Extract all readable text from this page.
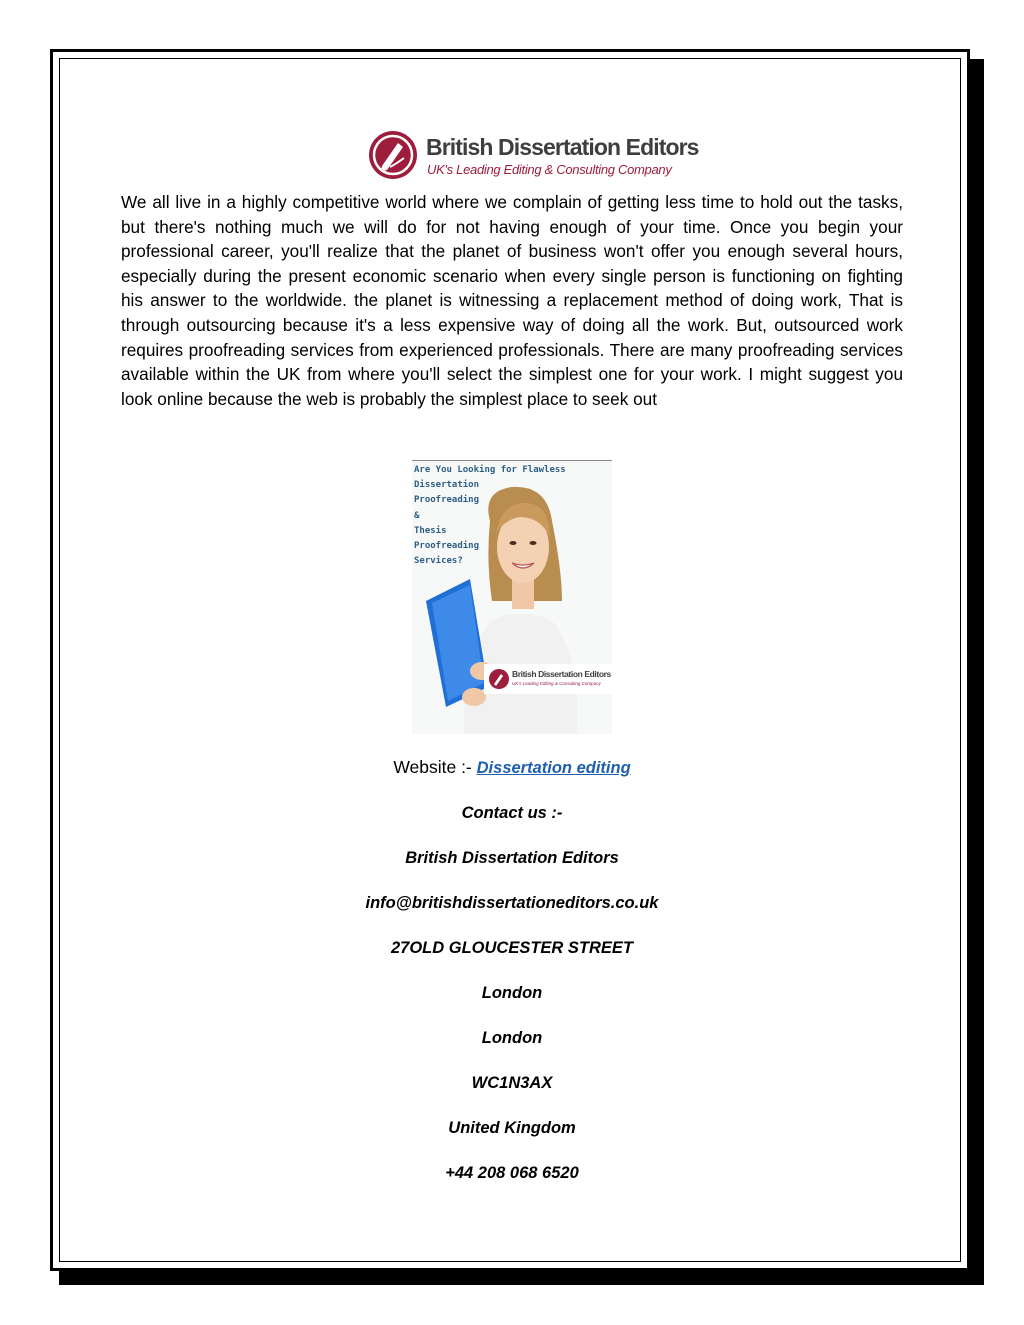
British Dissertation Editors
UK's Leading Editing & Consulting Company

We all live in a highly competitive world where we complain of getting less time to hold out the tasks, but there's nothing much we will do for not having enough of your time. Once you begin your professional career, you'll realize that the planet of business won't offer you enough several hours, especially during the present economic scenario when every single person is functioning on fighting his answer to the worldwide. the planet is witnessing a replacement method of doing work, That is through outsourcing because it's a less expensive way of doing all the work. But, outsourced work requires proofreading services from experienced professionals. There are many proofreading services available within the UK from where you'll select the simplest one for your work. I might suggest you look online because the web is probably the simplest place to seek out

Are You Looking for Flawless
Dissertation
Proofreading
&
Thesis
Proofreading
Services?
British Dissertation Editors
UK's Leading Editing & Consulting Company
Website :- Dissertation editing
Contact us :-
British Dissertation Editors
info@britishdissertationeditors.co.uk
27OLD GLOUCESTER STREET
London
London
WC1N3AX
United Kingdom
+44 208 068 6520
